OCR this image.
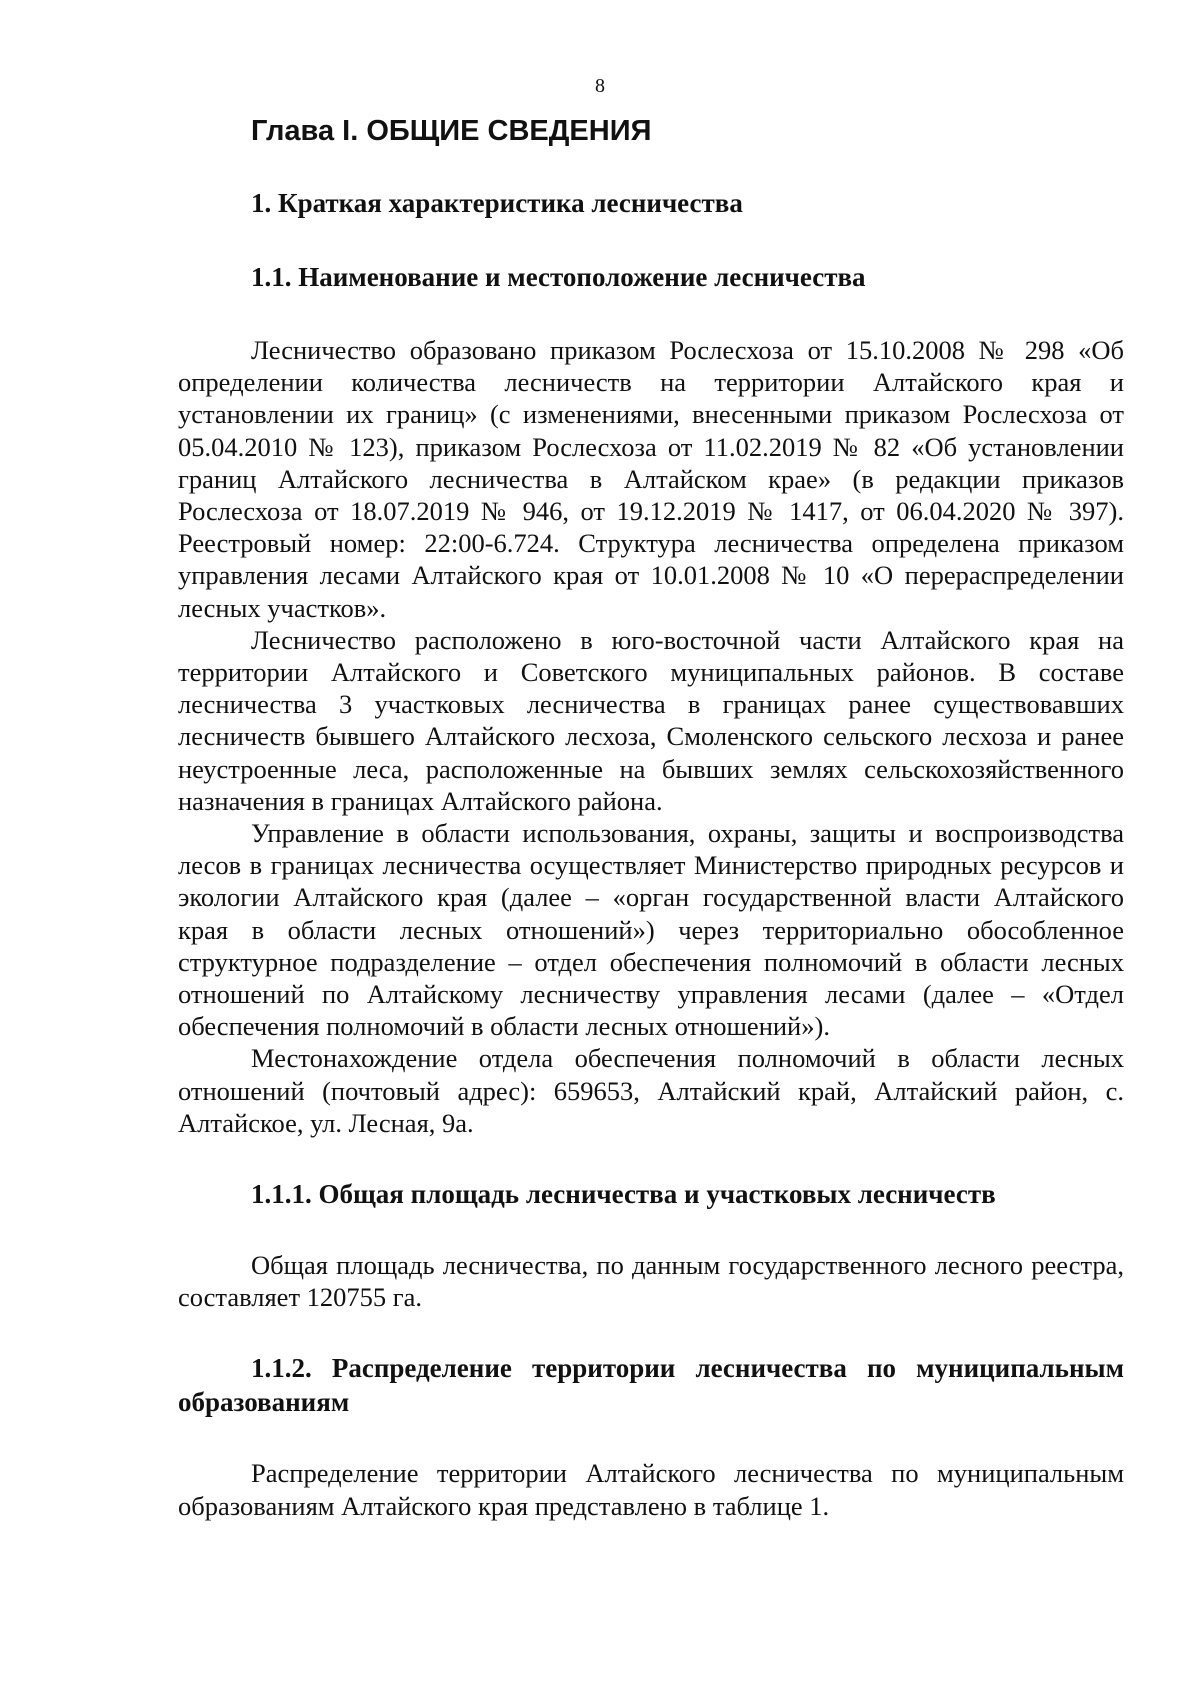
8
Глава I. ОБЩИЕ СВЕДЕНИЯ
1. Краткая характеристика лесничества
1.1. Наименование и местоположение лесничества

Лесничество образовано приказом Рослесхоза от 15.10.2008 № 298 «Об определении количества лесничеств на территории Алтайского края и установлении их границ» (с изменениями, внесенными приказом Рослесхоза от 05.04.2010 № 123), приказом Рослесхоза от 11.02.2019 № 82 «Об установлении границ Алтайского лесничества в Алтайском крае» (в редакции приказов Рослесхоза от 18.07.2019 № 946, от 19.12.2019 № 1417, от 06.04.2020 № 397). Реестровый номер: 22:00-6.724. Структура лесничества определена приказом управления лесами Алтайского края от 10.01.2008 № 10 «О перераспределении лесных участков».

Лесничество расположено в юго-восточной части Алтайского края на территории Алтайского и Советского муниципальных районов. В составе лесничества 3 участковых лесничества в границах ранее существовавших лесничеств бывшего Алтайского лесхоза, Смоленского сельского лесхоза и ранее неустроенные леса, расположенные на бывших землях сельскохозяйственного назначения в границах Алтайского района.

Управление в области использования, охраны, защиты и воспроизводства лесов в границах лесничества осуществляет Министерство природных ресурсов и экологии Алтайского края (далее – «орган государственной власти Алтайского края в области лесных отношений») через территориально обособленное структурное подразделение – отдел обеспечения полномочий в области лесных отношений по Алтайскому лесничеству управления лесами (далее – «Отдел обеспечения полномочий в области лесных отношений»).

Местонахождение отдела обеспечения полномочий в области лесных отношений (почтовый адрес): 659653, Алтайский край, Алтайский район, с. Алтайское, ул. Лесная, 9а.

1.1.1. Общая площадь лесничества и участковых лесничеств

Общая площадь лесничества, по данным государственного лесного реестра, составляет 120755 га.

1.1.2. Распределение территории лесничества по муниципальным образованиям

Распределение территории Алтайского лесничества по муниципальным образованиям Алтайского края представлено в таблице 1.
